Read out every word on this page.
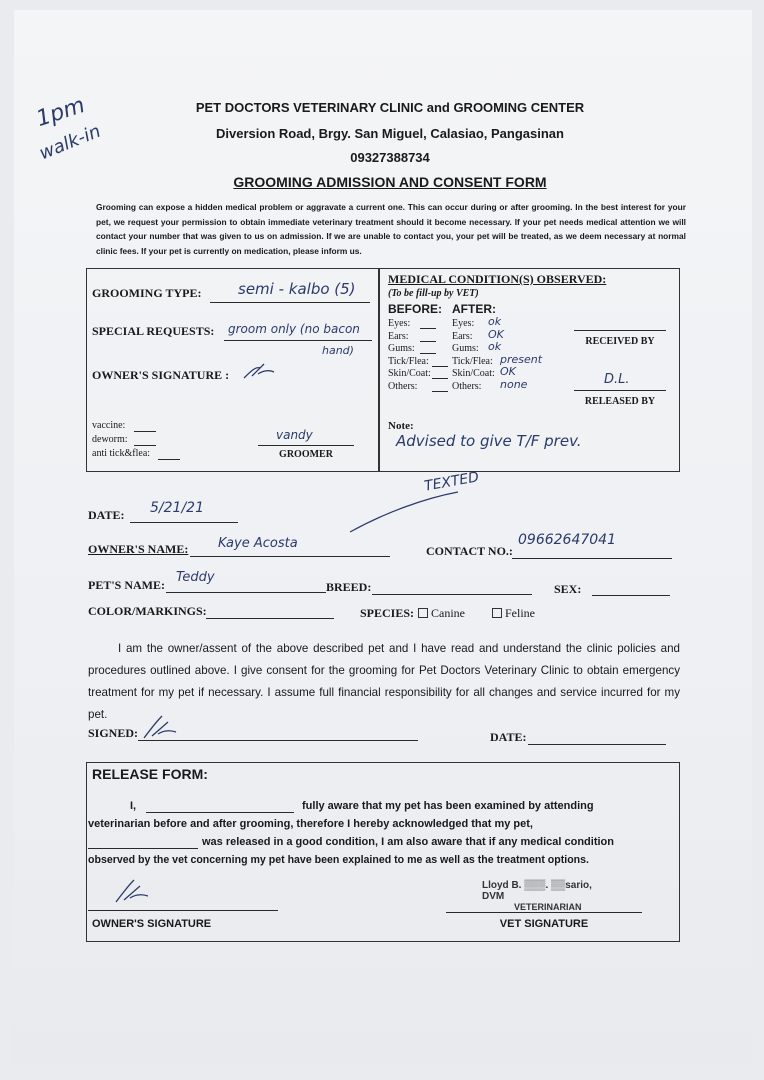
1pm
walk-in
PET DOCTORS VETERINARY CLINIC and GROOMING CENTER
Diversion Road, Brgy. San Miguel, Calasiao, Pangasinan
09327388734
GROOMING ADMISSION AND CONSENT FORM
Grooming can expose a hidden medical problem or aggravate a current one. This can occur during or after grooming. In the best interest for your pet, we request your permission to obtain immediate veterinary treatment should it become necessary. If your pet needs medical attention we will contact your number that was given to us on admission. If we are unable to contact you, your pet will be treated, as we deem necessary at normal clinic fees. If your pet is currently on medication, please inform us.
GROOMING TYPE: semi - kalbo (5)
SPECIAL REQUESTS: groom only (no bacon
hand)
OWNER'S SIGNATURE :
vaccine:
deworm:
anti tick&flea:
vandy
GROOMER
MEDICAL CONDITION(S) OBSERVED:
(To be fill-up by VET)
BEFORE: AFTER:
Eyes:	Eyes: ok
Ears:	Ears: OK
Gums:	Gums: ok
Tick/Flea: Tick/Flea: present
Skin/Coat: Skin/Coat: OK
Others:	Others: none
RECEIVED BY
D.L.
RELEASED BY
Note:
Advised to give T/F prev.
TEXTED
DATE: 5/21/21
OWNER'S NAME: Kaye Acosta	CONTACT NO.:
09662647041
PET'S NAME: Teddy
BREED:	SEX:
COLOR/MARKINGS:	SPECIES:	Canine	Feline
I am the owner/assent of the above described pet and I have read and understand the clinic policies and procedures outlined above. I give consent for the grooming for Pet Doctors Veterinary Clinic to obtain emergency treatment for my pet if necessary. I assume full financial responsibility for all changes and service incurred for my pet.
SIGNED:	DATE:
RELEASE FORM:
I,	fully aware that my pet has been examined by attending
veterinarian before and after grooming, therefore I hereby acknowledged that my pet,
was released in a good condition, I am also aware that if any medical condition
observed by the vet concerning my pet have been explained to me as well as the treatment options.
OWNER'S SIGNATURE
Lloyd B. ▒▒▒. ▒▒sario, DVM
VETERINARIAN
VET SIGNATURE
